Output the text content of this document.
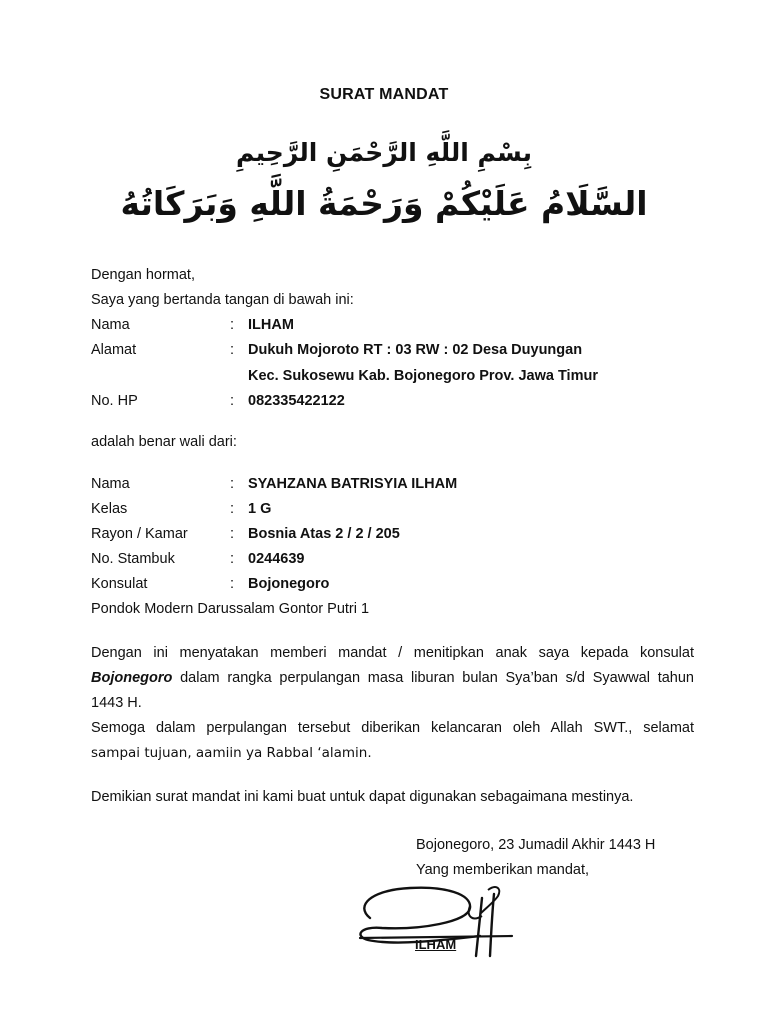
SURAT MANDAT
بِسْمِ اللَّهِ الرَّحْمَنِ الرَّحِيمِ
السَّلَامُ عَلَيْكُمْ وَرَحْمَةُ اللَّهِ وَبَرَكَاتُهُ
Dengan hormat,
Saya yang bertanda tangan di bawah ini:
Nama	: ILHAM
Alamat	: Dukuh Mojoroto RT : 03 RW : 02 Desa Duyungan
Kec. Sukosewu Kab. Bojonegoro Prov. Jawa Timur
No. HP	: 082335422122
adalah benar wali dari:
Nama	: SYAHZANA BATRISYIA ILHAM
Kelas	: 1 G
Rayon / Kamar	: Bosnia Atas 2 / 2 / 205
No. Stambuk	: 0244639
Konsulat	: Bojonegoro
Pondok Modern Darussalam Gontor Putri 1
Dengan ini menyatakan memberi mandat / menitipkan anak saya kepada konsulat
Bojonegoro dalam rangka perpulangan masa liburan bulan Sya’ban s/d Syawwal tahun
1443 H.
Semoga dalam perpulangan tersebut diberikan kelancaran oleh Allah SWT., selamat
sampai tujuan, aamiin ya Rabbal ‘alamin.
Demikian surat mandat ini kami buat untuk dapat digunakan sebagaimana mestinya.
Bojonegoro, 23 Jumadil Akhir 1443 H
Yang memberikan mandat,
ILHAM
